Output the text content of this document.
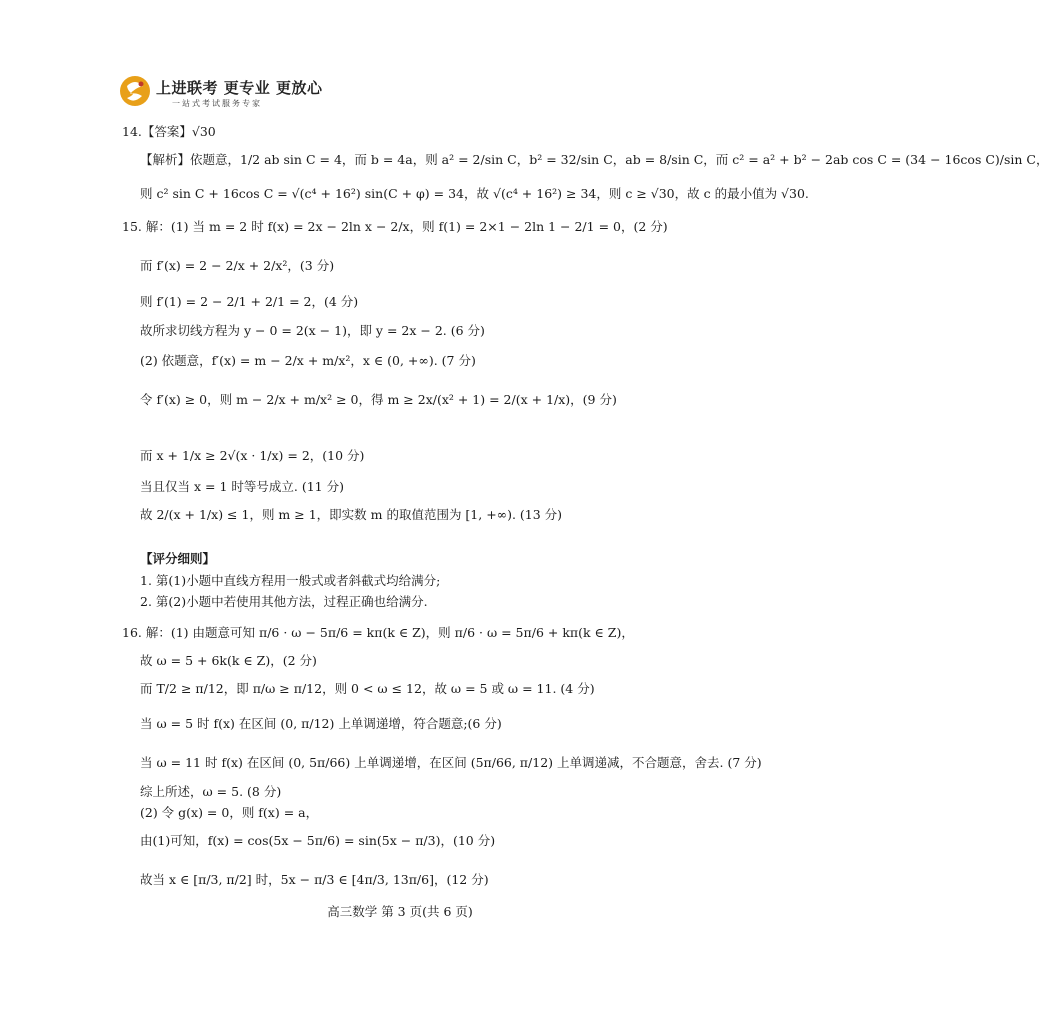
上进联考 更专业 更放心
一站式考试服务专家
14.【答案】√30
【解析】依题意，1/2 ab sin C = 4，而 b = 4a，则 a² = 2/sin C，b² = 32/sin C，ab = 8/sin C，而 c² = a² + b² − 2ab cos C = (34 − 16cos C)/sin C，
则 c² sin C + 16cos C = √(c⁴ + 16²) sin(C + φ) = 34，故 √(c⁴ + 16²) ≥ 34，则 c ≥ √30，故 c 的最小值为 √30.
15. 解：(1) 当 m = 2 时 f(x) = 2x − 2ln x − 2/x，则 f(1) = 2×1 − 2ln 1 − 2/1 = 0，(2 分)
而 f′(x) = 2 − 2/x + 2/x²，(3 分)
则 f′(1) = 2 − 2/1 + 2/1 = 2，(4 分)
故所求切线方程为 y − 0 = 2(x − 1)，即 y = 2x − 2. (6 分)
(2) 依题意，f′(x) = m − 2/x + m/x²，x ∈ (0, +∞). (7 分)
令 f′(x) ≥ 0，则 m − 2/x + m/x² ≥ 0，得 m ≥ 2x/(x² + 1) = 2/(x + 1/x)，(9 分)
而 x + 1/x ≥ 2√(x · 1/x) = 2，(10 分)
当且仅当 x = 1 时等号成立. (11 分)
故 2/(x + 1/x) ≤ 1，则 m ≥ 1，即实数 m 的取值范围为 [1, +∞). (13 分)
【评分细则】
1. 第(1)小题中直线方程用一般式或者斜截式均给满分;
2. 第(2)小题中若使用其他方法，过程正确也给满分.
16. 解：(1) 由题意可知 π/6 · ω − 5π/6 = kπ(k ∈ Z)，则 π/6 · ω = 5π/6 + kπ(k ∈ Z)，
故 ω = 5 + 6k(k ∈ Z)，(2 分)
而 T/2 ≥ π/12，即 π/ω ≥ π/12，则 0 < ω ≤ 12，故 ω = 5 或 ω = 11. (4 分)
当 ω = 5 时 f(x) 在区间 (0, π/12) 上单调递增，符合题意;(6 分)
当 ω = 11 时 f(x) 在区间 (0, 5π/66) 上单调递增，在区间 (5π/66, π/12) 上单调递减，不合题意，舍去. (7 分)
综上所述，ω = 5. (8 分)
(2) 令 g(x) = 0，则 f(x) = a，
由(1)可知，f(x) = cos(5x − 5π/6) = sin(5x − π/3)，(10 分)
故当 x ∈ [π/3, π/2] 时，5x − π/3 ∈ [4π/3, 13π/6]，(12 分)
高三数学 第 3 页(共 6 页)
